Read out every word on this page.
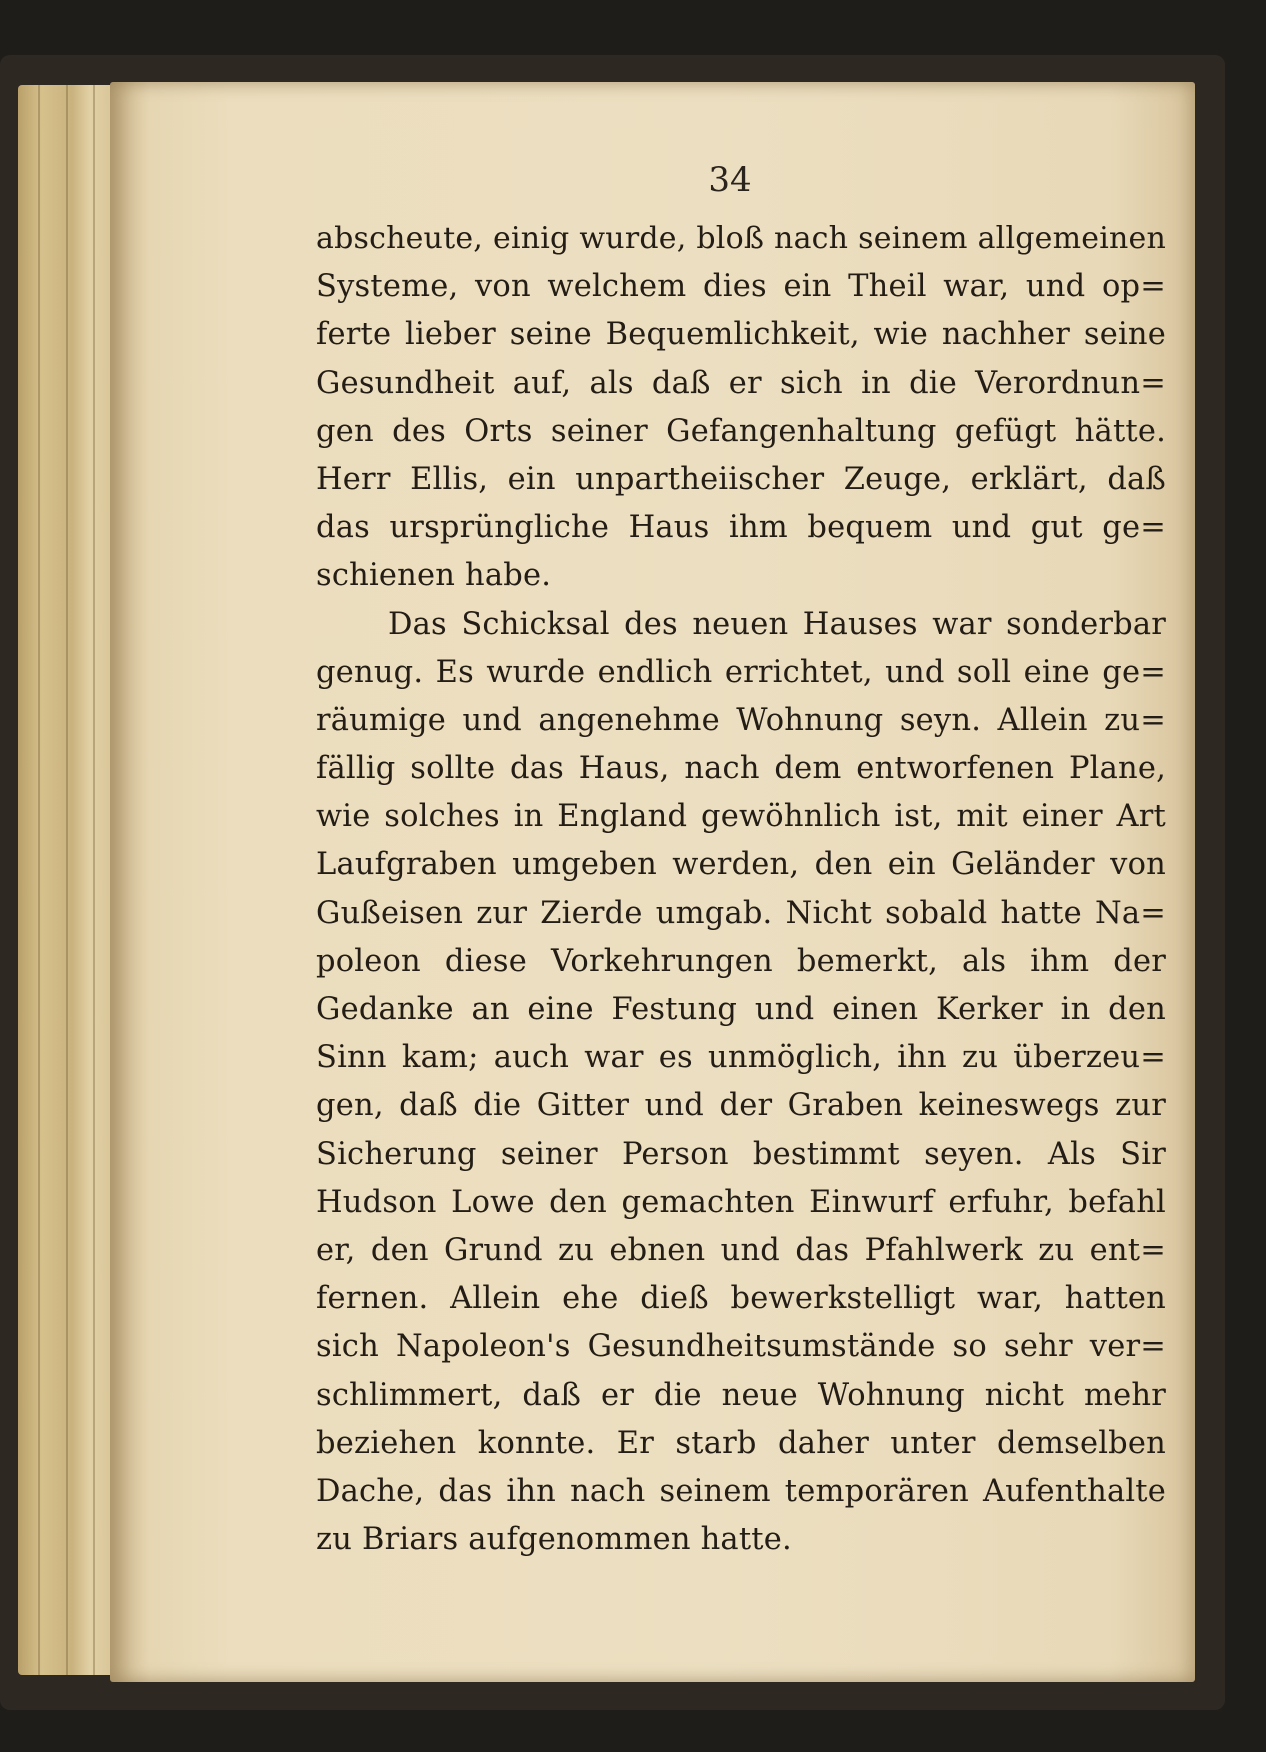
34
abscheute, einig wurde, bloß nach seinem allgemeinen
Systeme, von welchem dies ein Theil war, und op=
ferte lieber seine Bequemlichkeit, wie nachher seine
Gesundheit auf, als daß er sich in die Verordnun=
gen des Orts seiner Gefangenhaltung gefügt hätte.
Herr Ellis, ein unpartheiischer Zeuge, erklärt, daß
das ursprüngliche Haus ihm bequem und gut ge=
schienen habe.
Das Schicksal des neuen Hauses war sonderbar
genug. Es wurde endlich errichtet, und soll eine ge=
räumige und angenehme Wohnung seyn. Allein zu=
fällig sollte das Haus, nach dem entworfenen Plane,
wie solches in England gewöhnlich ist, mit einer Art
Laufgraben umgeben werden, den ein Geländer von
Gußeisen zur Zierde umgab. Nicht sobald hatte Na=
poleon diese Vorkehrungen bemerkt, als ihm der
Gedanke an eine Festung und einen Kerker in den
Sinn kam; auch war es unmöglich, ihn zu überzeu=
gen, daß die Gitter und der Graben keineswegs zur
Sicherung seiner Person bestimmt seyen. Als Sir
Hudson Lowe den gemachten Einwurf erfuhr, befahl
er, den Grund zu ebnen und das Pfahlwerk zu ent=
fernen. Allein ehe dieß bewerkstelligt war, hatten
sich Napoleon's Gesundheitsumstände so sehr ver=
schlimmert, daß er die neue Wohnung nicht mehr
beziehen konnte. Er starb daher unter demselben
Dache, das ihn nach seinem temporären Aufenthalte
zu Briars aufgenommen hatte.
